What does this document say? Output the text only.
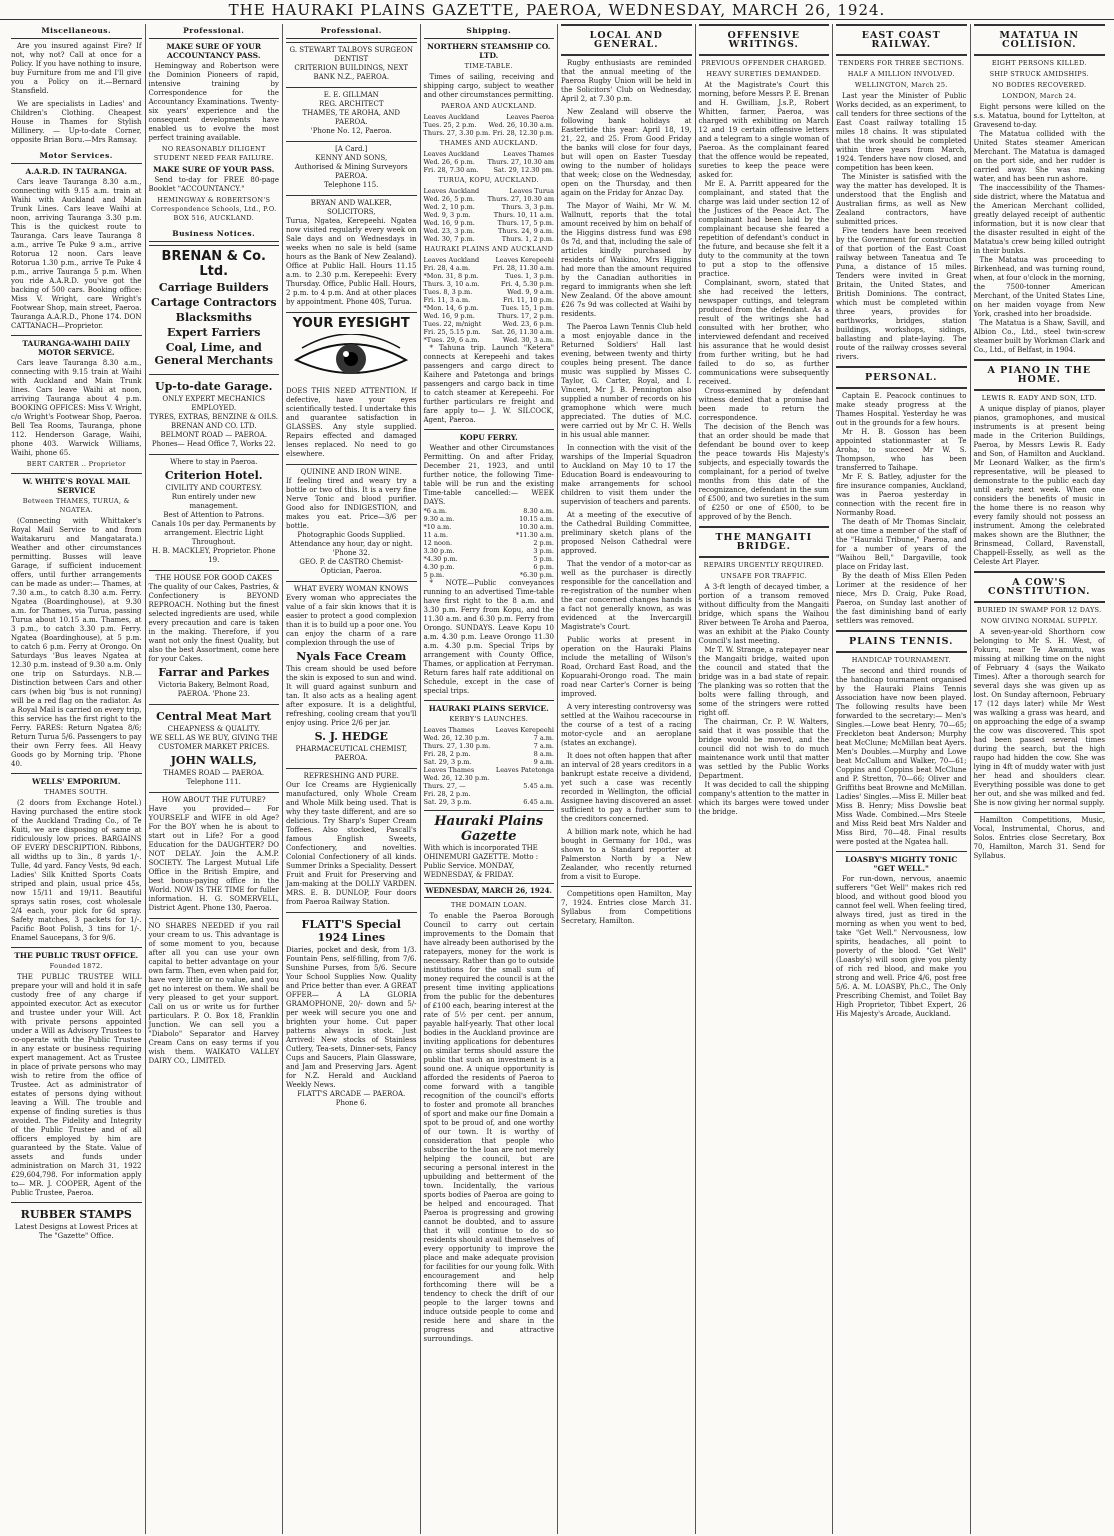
THE HAURAKI PLAINS GAZETTE, PAEROA, WEDNESDAY, MARCH 26, 1924.
Miscellaneous.

Are you insured against Fire? If not, why not? Call at once for a Policy. If you have nothing to insure, buy Furniture from me and I'll give you a Policy on it.—Bernard Stansfield.

We are specialists in Ladies' and Children's Clothing. Cheapest House in Thames for Stylish Millinery. — Up-to-date Corner, opposite Brian Boru.—Mrs Ramsay.

Motor Services.
A.A.R.D. IN TAURANGA.

Cars leave Tauranga 8.30 a.m., connecting with 9.15 a.m. train at Waihi with Auckland and Main Trunk Lines. Cars leave Waihi at noon, arriving Tauranga 3.30 p.m. This is the quickest route to Tauranga. Cars leave Tauranga 8 a.m., arrive Te Puke 9 a.m., arrive Rotorua 12 noon. Cars leave Rotorua 1.30 p.m., arrive Te Puke 4 p.m., arrive Tauranga 5 p.m. When you ride A.A.R.D. you've got the backing of 500 cars. Booking office: Miss V. Wright, care Wright's Footwear Shop, main street, Paeroa. Tauranga A.A.R.D., Phone 174. DON CATTANACH—Proprietor.

TAURANGA-WAIHI DAILY MOTOR SERVICE.

Cars leave Tauranga 8.30 a.m., connecting with 9.15 train at Waihi with Auckland and Main Trunk lines. Cars leave Waihi at noon, arriving Tauranga about 4 p.m. BOOKING OFFICES: Miss V. Wright, c/o Wright's Footwear Shop, Paeroa. Bell Tea Rooms, Tauranga, phone 112. Henderson Garage, Waihi, phone 403. Warwick Williams, Waihi, phone 65.

BERT CARTER .. Proprietor
W. WHITE'S ROYAL MAIL SERVICE
Between THAMES, TURUA, & NGATEA.

(Connecting with Whittaker's Royal Mail Service to and from Waitakaruru and Mangatarata.) Weather and other circumstances permitting. Busses will leave Garage, if sufficient inducement offers, until further arrangements can be made as under:— Thames, at 7.30 a.m., to catch 8.30 a.m. Ferry. Ngatea (Boardinghouse), at 9.30 a.m. for Thames, via Turua, passing Turua about 10.15 a.m. Thames, at 3 p.m., to catch 3.30 p.m. Ferry. Ngatea (Boardinghouse), at 5 p.m. to catch 6 p.m. Ferry at Orongo. On Saturdays 'Bus leaves Ngatea at 12.30 p.m. instead of 9.30 a.m. Only one trip on Saturdays. N.B.—Distinction between Cars and other cars (when big 'bus is not running) will be a red flag on the radiator. As a Royal Mail is carried on every trip, this service has the first right to the Ferry. FARES: Return Ngatea 8/6; Return Turua 5/6. Passengers to pay their own Ferry fees. All Heavy Goods go by Morning trip. 'Phone 40.

WELLS' EMPORIUM.
THAMES SOUTH.

(2 doors from Exchange Hotel.) Having purchased the entire stock of the Auckland Trading Co., of Te Kuiti, we are disposing of same at ridiculously low prices. BARGAINS OF EVERY DESCRIPTION. Ribbons, all widths up to 3in., 8 yards 1/-. Tulle, 4d yard. Fancy Vests, 9d each. Ladies' Silk Knitted Sports Coats striped and plain, usual price 45s, now 15/11 and 19/11. Beautiful sprays satin roses, cost wholesale 2/4 each, your pick for 6d spray. Safety matches, 3 packets for 1/-. Pacific Boot Polish, 3 tins for 1/-. Enamel Saucepans, 3 for 9/6.

THE PUBLIC TRUST OFFICE.
Founded 1872.

THE PUBLIC TRUSTEE WILL prepare your will and hold it in safe custody free of any charge if appointed executor. Act as executor and trustee under your Will. Act with private persons appointed under a Will as Advisory Trustees to co-operate with the Public Trustee in any estate or business requiring expert management. Act as Trustee in place of private persons who may wish to retire from the office of Trustee. Act as administrator of estates of persons dying without leaving a Will. The trouble and expense of finding sureties is thus avoided. The Fidelity and Integrity of the Public Trustee and of all officers employed by him are guaranteed by the State. Value of assets and funds under administration on March 31, 1922 £29,604,798. For information apply to— MR. J. COOPER, Agent of the Public Trustee, Paeroa.

RUBBER STAMPS
Latest Designs at Lowest Prices at The "Gazette" Office.
Professional.
MAKE SURE OF YOUR ACCOUNTANCY PASS.

Hemingway and Robertson were the Dominion Pioneers of rapid, intensive training by Correspondence for the Accountancy Examinations. Twenty-six years' experience and the consequent developments have enabled us to evolve the most perfect training available.

NO REASONABLY DILIGENT STUDENT NEED FEAR FAILURE.
MAKE SURE OF YOUR PASS.

Send to-day for FREE 80-page Booklet "ACCOUNTANCY."

HEMINGWAY & ROBERTSON'S Correspondence Schools, Ltd., P.O. BOX 516, AUCKLAND.
Business Notices.
BRENAN & Co. Ltd.
Carriage Builders
Cartage Contractors
Blacksmiths
Expert Farriers
Coal, Lime, and General Merchants
Up-to-date Garage.
ONLY EXPERT MECHANICS EMPLOYED.
TYRES, EXTRAS, BENZINE & OILS.
BRENAN AND CO. LTD.
BELMONT ROAD — PAEROA.
Phones— Head Office 7, Works 22.
Where to stay in Paeroa.
Criterion Hotel.
CIVILITY AND COURTESY.
Run entirely under new management.
Best of Attention to Patrons.
Canals 10s per day. Permanents by arrangement. Electric Light Throughout.
H. B. MACKLEY, Proprietor. Phone 19.
THE HOUSE FOR GOOD CAKES
The quality of our Cakes, Pastries, & Confectionery is BEYOND REPROACH. Nothing but the finest selected ingredients are used, while every precaution and care is taken in the making. Therefore, if you want not only the finest Quality, but also the best Assortment, come here for your Cakes.
Farrar and Parkes
Victoria Bakery, Belmont Road, PAEROA. 'Phone 23.
Central Meat Mart
CHEAPNESS & QUALITY.
WE SELL AS WE BUY, GIVING THE CUSTOMER MARKET PRICES.
JOHN WALLS,
THAMES ROAD — PAEROA. Telephone 111.
HOW ABOUT THE FUTURE?
Have you provided— For YOURSELF and WIFE in old Age? For the BOY when he is about to start out in Life? For a good Education for the DAUGHTER? DO NOT DELAY. Join the A.M.P. SOCIETY. The Largest Mutual Life Office in the British Empire, and best bonus-paying office in the World. NOW IS THE TIME for fuller information. H. G. SOMERVELL, District Agent. Phone 130, Paeroa.
NO SHARES NEEDED if you rail your cream to us. This advantage is of some moment to you, because after all you can use your own capital to better advantage on your own farm. Then, even when paid for, have very little or no value, and you get no interest on them. We shall be very pleased to get your support. Call on us or write us for further particulars. P. O. Box 18, Franklin Junction. We can sell you a "Diabolo" Separator and Harvey Cream Cans on easy terms if you wish them. WAIKATO VALLEY DAIRY CO., LIMITED.
Professional.
G. STEWART TALBOYS SURGEON DENTIST
CRITERION BUILDINGS, NEXT BANK N.Z., PAEROA.
E. E. GILLMAN
REG. ARCHITECT
THAMES, TE AROHA, AND PAEROA.
'Phone No. 12, Paeroa.
[A Card.]
KENNY AND SONS,
Authorised & Mining Surveyors PAEROA.
Telephone 115.
BRYAN AND WALKER, SOLICITORS,
Turua, Ngatea, Kerepeehi. Ngatea now visited regularly every week on Sale days and on Wednesdays in weeks when no sale is held (same hours as the Bank of New Zealand). Office at Public Hall. Hours 11.15 a.m. to 2.30 p.m. Kerepeehi: Every Thursday. Office, Public Hall. Hours, 2 p.m. to 4 p.m. And at other places by appointment. Phone 40S, Turua.
YOUR EYESIGHT
DOES THIS NEED ATTENTION. If defective, have your eyes scientifically tested. I undertake this and guarantee satisfaction in GLASSES. Any style supplied. Repairs effected and damaged lenses replaced. No need to go elsewhere.
QUININE AND IRON WINE.
If feeling tired and weary try a bottle or two of this. It is a very fine Nerve Tonic and blood purifier. Good also for INDIGESTION, and makes you eat. Price—3/6 per bottle.
Photographic Goods Supplied. Attendance any hour, day or night. 'Phone 32.
GEO. P. de CASTRO Chemist-Optician, Paeroa.
WHAT EVERY WOMAN KNOWS
Every woman who appreciates the value of a fair skin knows that it is easier to protect a good complexion than it is to build up a poor one. You can enjoy the charm of a rare complexion through the use of
Nyals Face Cream
This cream should be used before the skin is exposed to sun and wind. It will guard against sunburn and tan. It also acts as a healing agent after exposure. It is a delightful, refreshing, cooling cream that you'll enjoy using. Price 2/6 per jar.
S. J. HEDGE
PHARMACEUTICAL CHEMIST, PAEROA.
REFRESHING AND PURE.
Our Ice Creams are Hygienically manufactured, only Whole Cream and Whole Milk being used. That is why they taste different, and are so delicious. Try Sharp's Super Cream Toffees. Also stocked, Pascall's famous English Sweets, Confectionery, and novelties. Colonial Confectionery of all kinds. Summer Drinks a Speciality. Dessert Fruit and Fruit for Preserving and Jam-making at the DOLLY VARDEN. MRS. E. B. DUNLOP, Four doors from Paeroa Railway Station.
FLATT'S Special 1924 Lines
Diaries, pocket and desk, from 1/3. Fountain Pens, self-filling, from 7/6. Sunshine Purses, from 5/6. Secure Your School Supplies Now. Quality and Price better than ever. A GREAT OFFER— A LA GLORIA GRAMOPHONE, 20/- down and 5/- per week will secure you one and brighten your home. Cut paper patterns always in stock. Just Arrived: New stocks of Stainless Cutlery, Tea-sets, Dinner-sets, Fancy Cups and Saucers, Plain Glassware, and Jam and Preserving Jars. Agent for N.Z. Herald and Auckland Weekly News.
FLATT'S ARCADE — PAEROA. Phone 6.
Shipping.
NORTHERN STEAMSHIP CO. LTD.
TIME-TABLE.

Times of sailing, receiving and shipping cargo, subject to weather and other circumstances permitting.

PAEROA AND AUCKLAND.
Leaves Auckland	Leaves Paeroa
Tues. 25, 2 p.m. Wed. 26, 10.30 a.m.
Thurs. 27, 3.30 p.m. Fri. 28, 12.30 p.m.
THAMES AND AUCKLAND.
Leaves Auckland	Leaves Thames
Wed. 26, 6 p.m. Thurs. 27, 10.30 am
Fri. 28, 7.30 am. Sat. 29, 12.30 pm.
TURUA, KOPU, AUCKLAND.
Leaves Auckland	Leaves Turua
Wed. 26, 5 p.m. Thurs. 27, 10.30 am
Wed. 2, 10 p.m.	Thurs. 3, 3 p.m.
Wed. 9, 3 p.m.	Thurs. 10, 11 a.m.
Wed. 16, 9 p.m.	Thurs. 17, 5 p.m.
Wed. 23, 3 p.m.	Thurs. 24, 9 a.m.
Wed. 30, 7 p.m.	Thurs. 1, 2 p.m.
HAURAKI PLAINS AND AUCKLAND
Leaves Auckland Leaves Kerepeehi
Fri. 28, 4 a.m.	Fri. 28, 11.30 a.m.
*Mon. 31, 8 p.m.	Tues. 1, 3 p.m.
Thurs. 3, 10 a.m.	Fri. 4, 5.30 p.m.
Tues. 8, 3 p.m.	Wed. 9, 9 a.m.
Fri. 11, 3 a.m.	Fri. 11, 10 p.m.
*Mon. 14, 6 p.m.	Tues. 15, 1 p.m.
Wed. 16, 9 p.m.	Thurs. 17, 2 p.m.
Tues. 22, m/night	Wed. 23, 6 p.m.
Fri. 25, 5.15 p.m. Sat. 26, 11.30 a.m.
*Tues. 29, 6 a.m.	Wed. 30, 3 a.m.

* Tahuna trip. Launch "Ketera" connects at Kerepeehi and takes passengers and cargo direct to Kaihere and Patetonga and brings passengers and cargo back in time to catch steamer at Kerepeehi. For further particulars re freight and fare apply to— J. W. SILCOCK, Agent, Paeroa.

KOPU FERRY.

Weather and other Circumstances Permitting. On and after Friday, December 21, 1923, and until further notice, the following Time-table will be run and the existing Time-table cancelled:— WEEK DAYS.

*6 a.m.	8.30 a.m.
9.30 a.m.	10.15 a.m.
*10 a.m.	10.30 a.m.
11 a.m.	*11.30 a.m.
12 noon.	2 p.m.
3.30 p.m.	3 p.m.
*4.30 p.m.	5 p.m.
4.30 p.m.	6 p.m.
5 p.m.	*6.30 p.m.

* NOTE—Public conveyances running to an advertised Time-table have first right to the 8 a.m. and 3.30 p.m. Ferry from Kopu, and the 11.30 a.m. and 6.30 p.m. Ferry from Orongo. SUNDAYS. Leave Kopu 10 a.m. 4.30 p.m. Leave Orongo 11.30 a.m. 4.30 p.m. Special Trips by arrangement with County Office, Thames, or application at Ferryman. Return fares half rate additional on Schedule, except in the case of special trips.

HAURAKI PLAINS SERVICE.
KERBY'S LAUNCHES.
Leaves Thames	Leaves Kerepeehi
Wed. 26, 12.30 p.m.	7 a.m.
Thurs. 27, 1.30 p.m.	7 a.m.
Fri. 28, 2 p.m.	8 a.m.
Sat. 29, 3 p.m.	9 a.m.
Leaves Thames	Leaves Patetonga
Wed. 26, 12.30 p.m.
Thurs. 27, —	5.45 a.m.
Fri. 28, 2 p.m.
Sat. 29, 3 p.m.	6.45 a.m.
Hauraki Plains Gazette
With which is incorporated THE OHINEMURI GAZETTE. Motto : Public Service. MONDAY, WEDNESDAY, & FRIDAY.
WEDNESDAY, MARCH 26, 1924.
THE DOMAIN LOAN.

To enable the Paeroa Borough Council to carry out certain improvements to the Domain that have already been authorised by the ratepayers, money for the work is necessary. Rather than go to outside institutions for the small sum of money required the council is at the present time inviting applications from the public for the debentures of £100 each, bearing interest at the rate of 5½ per cent. per annum, payable half-yearly. That other local bodies in the Auckland province are inviting applications for debentures on similar terms should assure the public that such an investment is a sound one. A unique opportunity is afforded the residents of Paeroa to come forward with a tangible recognition of the council's efforts to foster and promote all branches of sport and make our fine Domain a spot to be proud of, and one worthy of our town. It is worthy of consideration that people who subscribe to the loan are not merely helping the council, but are securing a personal interest in the upbuilding and betterment of the town. Incidentally, the various sports bodies of Paeroa are going to be helped and encouraged. That Paeroa is progressing and growing cannot be doubted, and to assure that it will continue to do so residents should avail themselves of every opportunity to improve the place and make adequate provision for facilities for our young folk. With encouragement and help forthcoming there will be a tendency to check the drift of our people to the larger towns and induce outside people to come and reside here and share in the progress and attractive surroundings.

LOCAL AND GENERAL.

Rugby enthusiasts are reminded that the annual meeting of the Paeroa Rugby Union will be held in the Solicitors' Club on Wednesday, April 2, at 7.30 p.m.

New Zealand will observe the following bank holidays at Eastertide this year: April 18, 19, 21, 22, and 25. From Good Friday the banks will close for four days, but will open on Easter Tuesday owing to the number of holidays that week; close on the Wednesday, open on the Thursday, and then again on the Friday for Anzac Day.

The Mayor of Waihi, Mr W. M. Wallnutt, reports that the total amount received by him on behalf of the Higgins distress fund was £98 0s 7d, and that, including the sale of articles kindly purchased by residents of Waikino, Mrs Higgins had more than the amount required by the Canadian authorities in regard to immigrants when she left New Zealand. Of the above amount £26 7s 9d was collected at Waihi by residents.

The Paeroa Lawn Tennis Club held a most enjoyable dance in the Returned Soldiers' Hall last evening, between twenty and thirty couples being present. The dance music was supplied by Misses C. Taylor, G. Carter, Royal, and I. Vincent, Mr J. B. Pennington also supplied a number of records on his gramophone which were much appreciated. The duties of M.C. were carried out by Mr C. H. Wells in his usual able manner.

In connection with the visit of the warships of the Imperial Squadron to Auckland on May 10 to 17 the Education Board is endeavouring to make arrangements for school children to visit them under the supervision of teachers and parents.

At a meeting of the executive of the Cathedral Building Committee, preliminary sketch plans of the proposed Nelson Cathedral were approved.

That the vendor of a motor-car as well as the purchaser is directly responsible for the cancellation and re-registration of the number when the car concerned changes hands is a fact not generally known, as was evidenced at the Invercargill Magistrate's Court.

Public works at present in operation on the Hauraki Plains include the metalling of Wilson's Road, Orchard East Road, and the Kopuarahi-Orongo road. The main road near Carter's Corner is being improved.

A very interesting controversy was settled at the Waihou racecourse in the course of a test of a racing motor-cycle and an aeroplane (states an exchange).

It does not often happen that after an interval of 28 years creditors in a bankrupt estate receive a dividend, yet such a case was recently recorded in Wellington, the official Assignee having discovered an asset sufficient to pay a further sum to the creditors concerned.

A billion mark note, which he had bought in Germany for 10d., was shown to a Standard reporter at Palmerston North by a New Zealander, who recently returned from a visit to Europe.

Competitions open Hamilton, May 7, 1924. Entries close March 31. Syllabus from Competitions Secretary, Hamilton.

OFFENSIVE WRITINGS.
PREVIOUS OFFENDER CHARGED.
HEAVY SURETIES DEMANDED.

At the Magistrate's Court this morning, before Messrs P. E. Brenan and H. Gwilliam, J.s.P., Robert Whitten, farmer, Paeroa, was charged with exhibiting on March 12 and 19 certain offensive letters and a telegram to a single woman of Paeroa. As the complainant feared that the offence would be repeated, sureties to keep the peace were asked for.

Mr E. A. Parritt appeared for the complainant, and stated that the charge was laid under section 12 of the Justices of the Peace Act. The complainant had been laid by the complainant because she feared a repetition of defendant's conduct in the future, and because she felt it a duty to the community at the town to put a stop to the offensive practice.

Complainant, sworn, stated that she had received the letters, newspaper cuttings, and telegram produced from the defendant. As a result of the writings she had consulted with her brother, who interviewed defendant and received his assurance that he would desist from further writing, but he had failed to do so, as further communications were subsequently received.

Cross-examined by defendant witness denied that a promise had been made to return the correspondence.

The decision of the Bench was that an order should be made that defendant be bound over to keep the peace towards His Majesty's subjects, and especially towards the complainant, for a period of twelve months from this date of the recognizance, defendant in the sum of £500, and two sureties in the sum of £250 or one of £500, to be approved of by the Bench.

THE MANGAITI BRIDGE.
REPAIRS URGENTLY REQUIRED.
UNSAFE FOR TRAFFIC.

A 3-ft length of decayed timber, a portion of a transom removed without difficulty from the Mangaiti bridge, which spans the Waihou River between Te Aroha and Paeroa, was an exhibit at the Piako County Council's last meeting.

Mr T. W. Strange, a ratepayer near the Mangaiti bridge, waited upon the council and stated that the bridge was in a bad state of repair. The planking was so rotten that the bolts were falling through, and some of the stringers were rotted right off.

The chairman, Cr. P. W. Walters, said that it was possible that the bridge would be moved, and the council did not wish to do much maintenance work until that matter was settled by the Public Works Department.

It was decided to call the shipping company's attention to the matter in which its barges were towed under the bridge.

EAST COAST RAILWAY.
TENDERS FOR THREE SECTIONS.
HALF A MILLION INVOLVED.
WELLINGTON, March 25.

Last year the Minister of Public Works decided, as an experiment, to call tenders for three sections of the East Coast railway totalling 15 miles 18 chains. It was stipulated that the work should be completed within three years from March, 1924. Tenders have now closed, and competition has been keen.

The Minister is satisfied with the way the matter has developed. It is understood that the English and Australian firms, as well as New Zealand contractors, have submitted prices.

Five tenders have been received by the Government for construction of that portion of the East Coast railway between Taneatua and Te Puna, a distance of 15 miles. Tenders were invited in Great Britain, the United States, and British Dominions. The contract, which must be completed within three years, provides for earthworks, bridges, station buildings, workshops, sidings, ballasting and plate-laying. The route of the railway crosses several rivers.

PERSONAL.

Captain E. Peacock continues to make steady progress at the Thames Hospital. Yesterday he was out in the grounds for a few hours.

Mr H. B. Gosson has been appointed stationmaster at Te Aroha, to succeed Mr W. S. Thompson, who has been transferred to Taihape.

Mr F. S. Batley, adjuster for the fire insurance companies, Auckland, was in Paeroa yesterday in connection with the recent fire in Normanby Road.

The death of Mr Thomas Sinclair, at one time a member of the staff of the "Hauraki Tribune," Paeroa, and for a number of years of the "Waihou Bell," Dargaville, took place on Friday last.

By the death of Miss Ellen Peden Lorimer at the residence of her niece, Mrs D. Craig, Puke Road, Paeroa, on Sunday last another of the fast diminishing band of early settlers was removed.

PLAINS TENNIS.
HANDICAP TOURNAMENT.

The second and third rounds of the handicap tournament organised by the Hauraki Plains Tennis Association have now been played. The following results have been forwarded to the secretary:— Men's Singles.—Lowe beat Henry, 70—65; Freckleton beat Anderson; Murphy beat McClune; McMillan beat Ayers. Men's Doubles.—Murphy and Lowe beat McCallum and Walker, 70—61; Coppins and Coppins beat McClune and P. Stretton, 70—66; Oliver and Griffiths beat Browne and McMillan. Ladies' Singles.—Miss E. Miller beat Miss B. Henry; Miss Dowslie beat Miss Wade. Combined.—Mrs Steele and Miss Reid beat Mrs Nalder and Miss Bird, 70—48. Final results were posted at the Ngatea hall.

LOASBY'S MIGHTY TONIC "GET WELL."

For run-down, nervous, anaemic sufferers "Get Well" makes rich red blood, and without good blood you cannot feel well. When feeling tired, always tired, just as tired in the morning as when you went to bed, take "Get Well." Nervousness, low spirits, headaches, all point to poverty of the blood. "Get Well" (Loasby's) will soon give you plenty of rich red blood, and make you strong and well. Price 4/6, post free 5/6. A. M. LOASBY, Ph.C., The Only Prescribing Chemist, and Toilet Bay High Proprietor, Tibbet Expert, 26 His Majesty's Arcade, Auckland.

MATATUA IN COLLISION.
EIGHT PERSONS KILLED.
SHIP STRUCK AMIDSHIPS.
NO BODIES RECOVERED.
LONDON, March 24.

Eight persons were killed on the s.s. Matatua, bound for Lyttelton, at Gravesend to-day.

The Matatua collided with the United States steamer American Merchant. The Matatua is damaged on the port side, and her rudder is carried away. She was making water, and has been run ashore.

The inaccessibility of the Thames-side district, where the Matatua and the American Merchant collided, greatly delayed receipt of authentic information, but it is now clear that the disaster resulted in eight of the Matatua's crew being killed outright in their bunks.

The Matatua was proceeding to Birkenhead, and was turning round, when, at four o'clock in the morning, the 7500-tonner American Merchant, of the United States Line, on her maiden voyage from New York, crashed into her broadside.

The Matatua is a Shaw, Savill, and Albion Co., Ltd., steel twin-screw steamer built by Workman Clark and Co., Ltd., of Belfast, in 1904.

A PIANO IN THE HOME.
LEWIS R. EADY AND SON, LTD.

A unique display of pianos, player pianos, gramophones, and musical instruments is at present being made in the Criterion Buildings, Paeroa, by Messrs Lewis R. Eady and Son, of Hamilton and Auckland. Mr Leonard Walker, as the firm's representative, will be pleased to demonstrate to the public each day until early next week. When one considers the benefits of music in the home there is no reason why every family should not possess an instrument. Among the celebrated makes shown are the Bluthner, the Brinsmead, Collard, Ravenstall, Chappell-Esselly, as well as the Celeste Art Player.

A COW'S CONSTITUTION.
BURIED IN SWAMP FOR 12 DAYS.
NOW GIVING NORMAL SUPPLY.

A seven-year-old Shorthorn cow belonging to Mr S. H. West, of Pokuru, near Te Awamutu, was missing at milking time on the night of February 4 (says the Waikato Times). After a thorough search for several days she was given up as lost. On Sunday afternoon, February 17 (12 days later) while Mr West was walking a grass was heard, and on approaching the edge of a swamp the cow was discovered. This spot had been passed several times during the search, but the high raupo had hidden the cow. She was lying in 4ft of muddy water with just her head and shoulders clear. Everything possible was done to get her out, and she was milked and fed. She is now giving her normal supply.

Hamilton Competitions, Music, Vocal, Instrumental, Chorus, and Solos. Entries close Secretary, Box 70, Hamilton, March 31. Send for Syllabus.
